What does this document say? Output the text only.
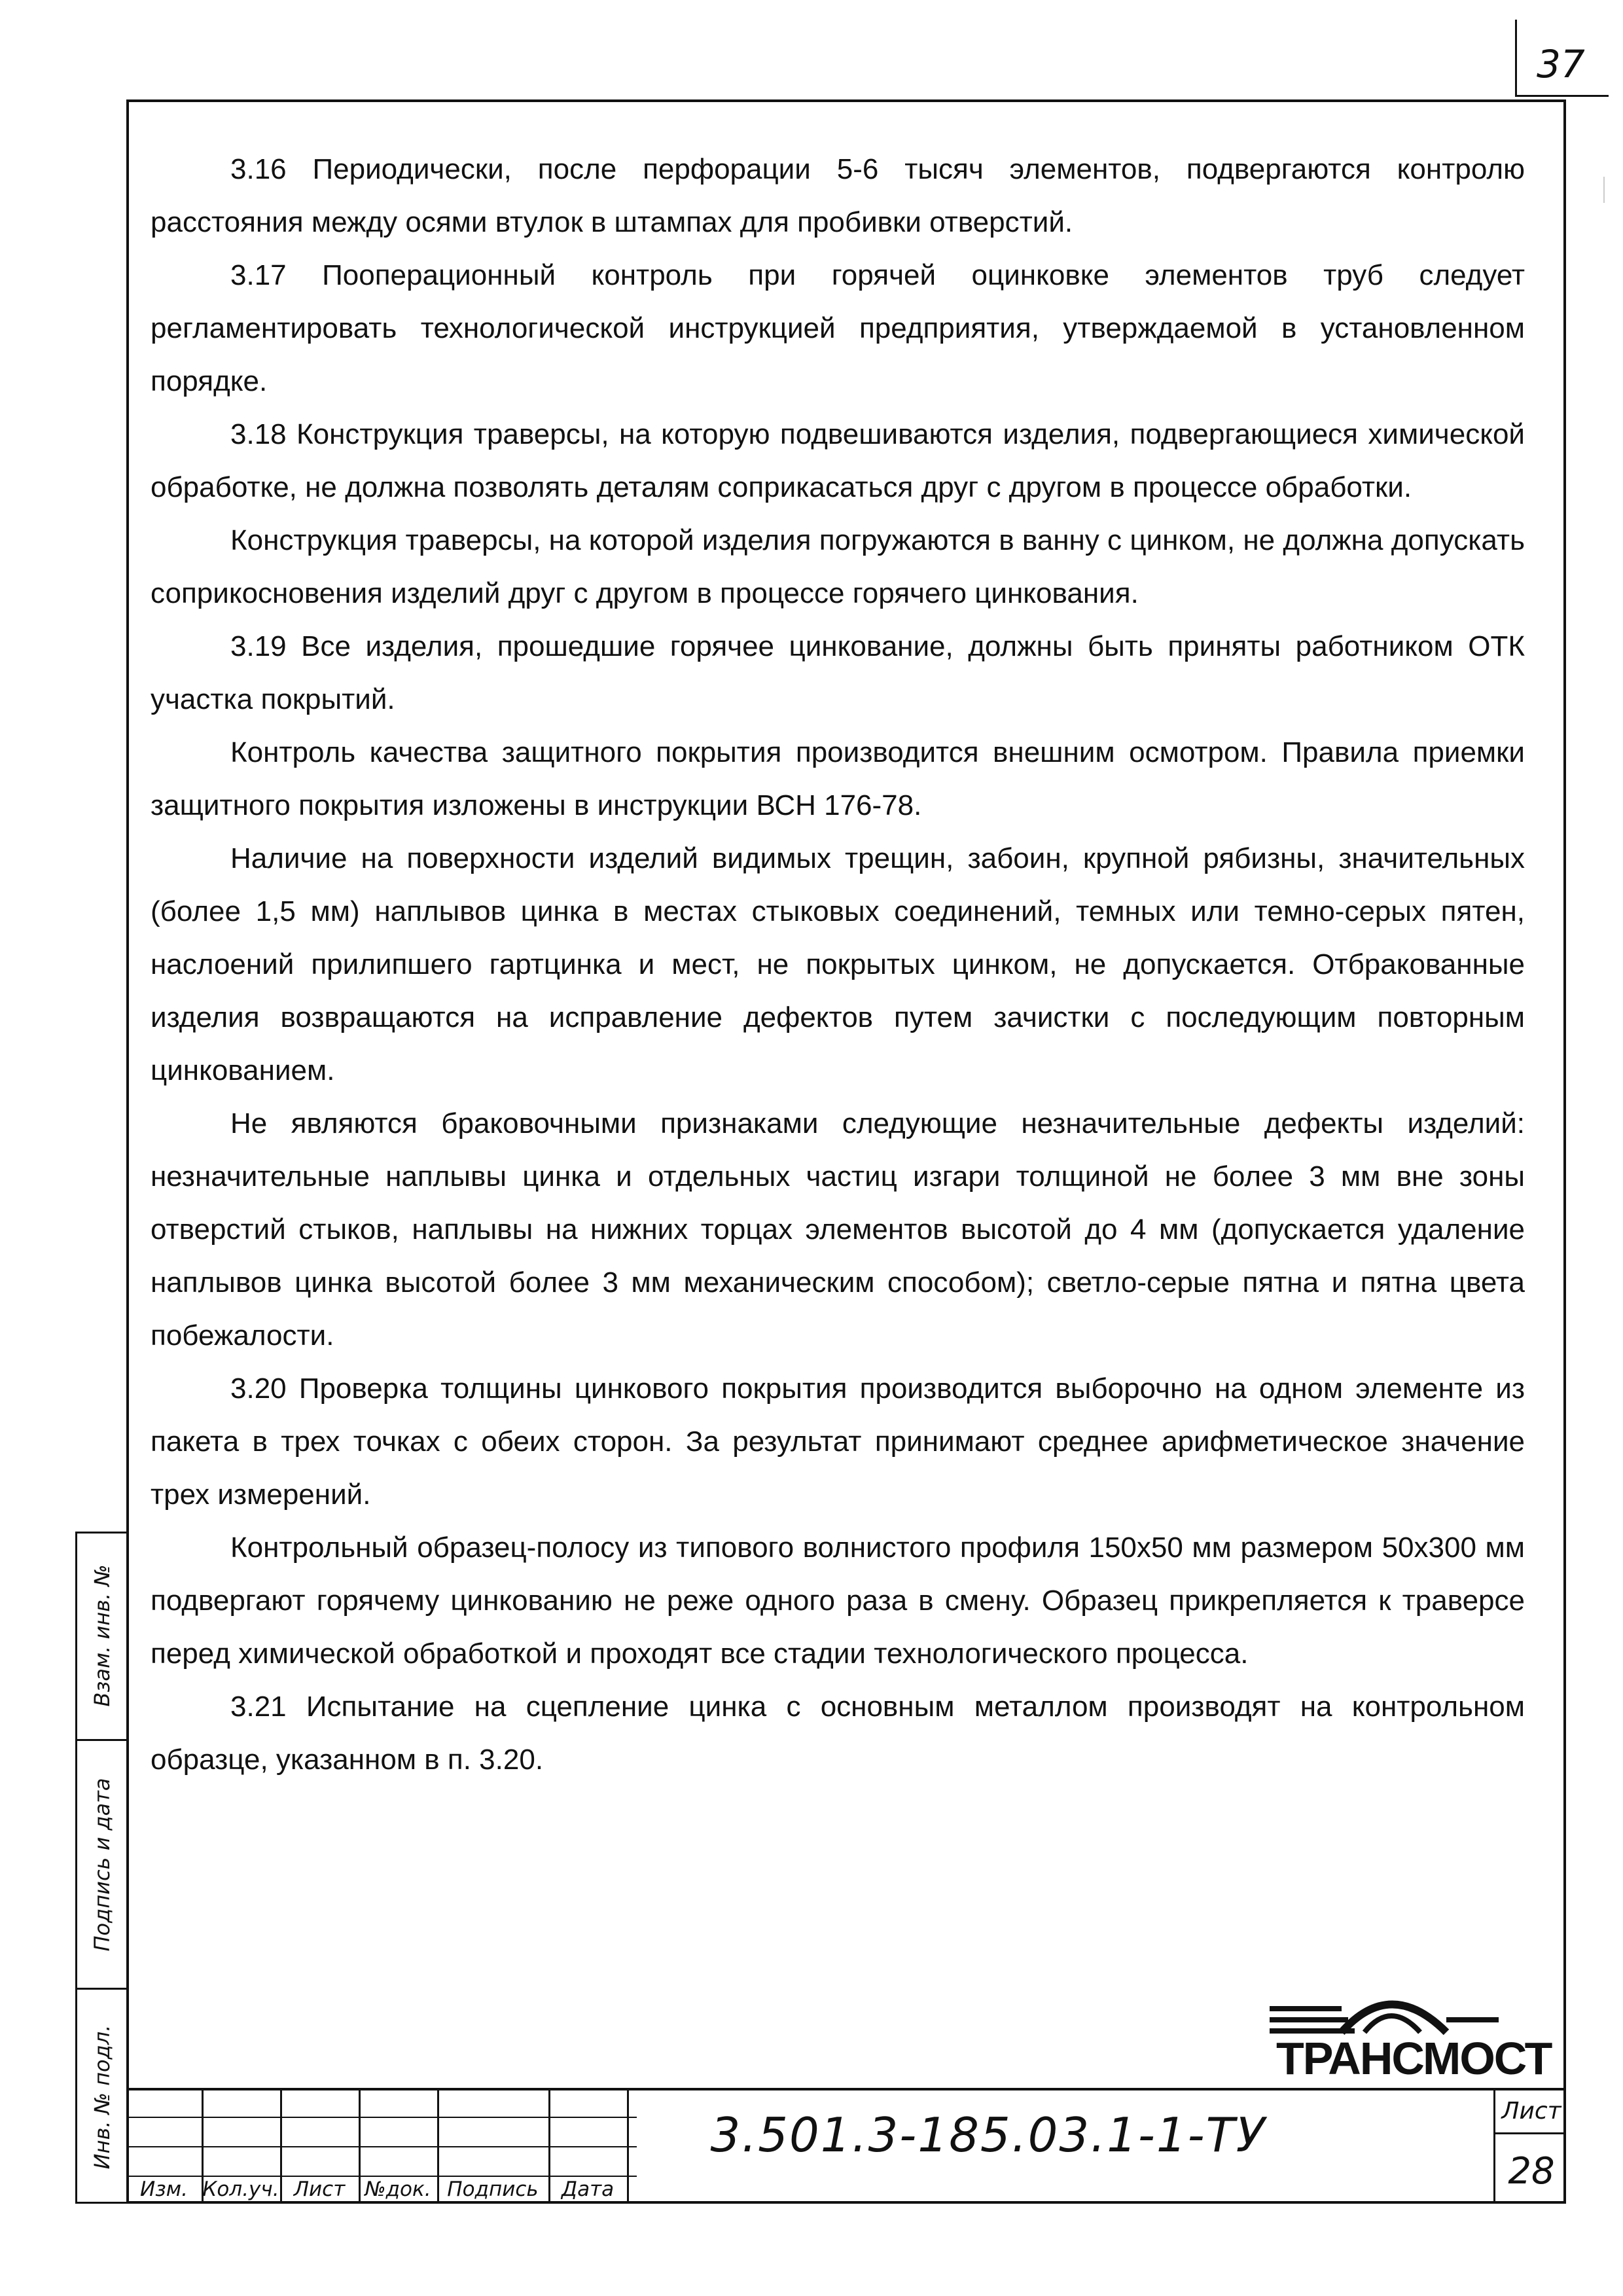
37

3.16 Периодически, после перфорации 5-6 тысяч элементов, подвергаются контролю расстояния между осями втулок в штампах для пробивки отверстий.

3.17 Пооперационный контроль при горячей оцинковке элементов труб следует регламентировать технологической инструкцией предприятия, утверждаемой в установленном порядке.

3.18 Конструкция траверсы, на которую подвешиваются изделия, подвергающиеся химической обработке, не должна позволять деталям соприкасаться друг с другом в процессе обработки.

Конструкция траверсы, на которой изделия погружаются в ванну с цинком, не должна допускать соприкосновения изделий друг с другом в процессе горячего цинкования.

3.19 Все изделия, прошедшие горячее цинкование, должны быть приняты работником ОТК участка покрытий.

Контроль качества защитного покрытия производится внешним осмотром. Правила приемки защитного покрытия изложены в инструкции ВСН 176-78.

Наличие на поверхности изделий видимых трещин, забоин, крупной рябизны, значительных (более 1,5 мм) наплывов цинка в местах стыковых соединений, темных или темно-серых пятен, наслоений прилипшего гартцинка и мест, не покрытых цинком, не допускается. Отбракованные изделия возвращаются на исправление дефектов путем зачистки с последующим повторным цинкованием.

Не являются браковочными признаками следующие незначительные дефекты изделий: незначительные наплывы цинка и отдельных частиц изгари толщиной не более 3 мм вне зоны отверстий стыков, наплывы на нижних торцах элементов высотой до 4 мм (допускается удаление наплывов цинка высотой более 3 мм механическим способом); светло-серые пятна и пятна цвета побежалости.

3.20 Проверка толщины цинкового покрытия производится выборочно на одном элементе из пакета в трех точках с обеих сторон. За результат принимают среднее арифметическое значение трех измерений.

Контрольный образец-полосу из типового волнистого профиля 150х50 мм размером 50х300 мм подвергают горячему цинкованию не реже одного раза в смену. Образец прикрепляется к траверсе перед химической обработкой и проходят все стадии технологического процесса.

3.21 Испытание на сцепление цинка с основным металлом производят на контрольном образце, указанном в п. 3.20.

Взам. инв. №
Подпись и дата
Инв. № подл.	ТРАНСМОСТ
Изм. Кол.уч. Лист №док. Подпись	Дата
3.501.3-185.03.1-1-ТУ	Лист
28
